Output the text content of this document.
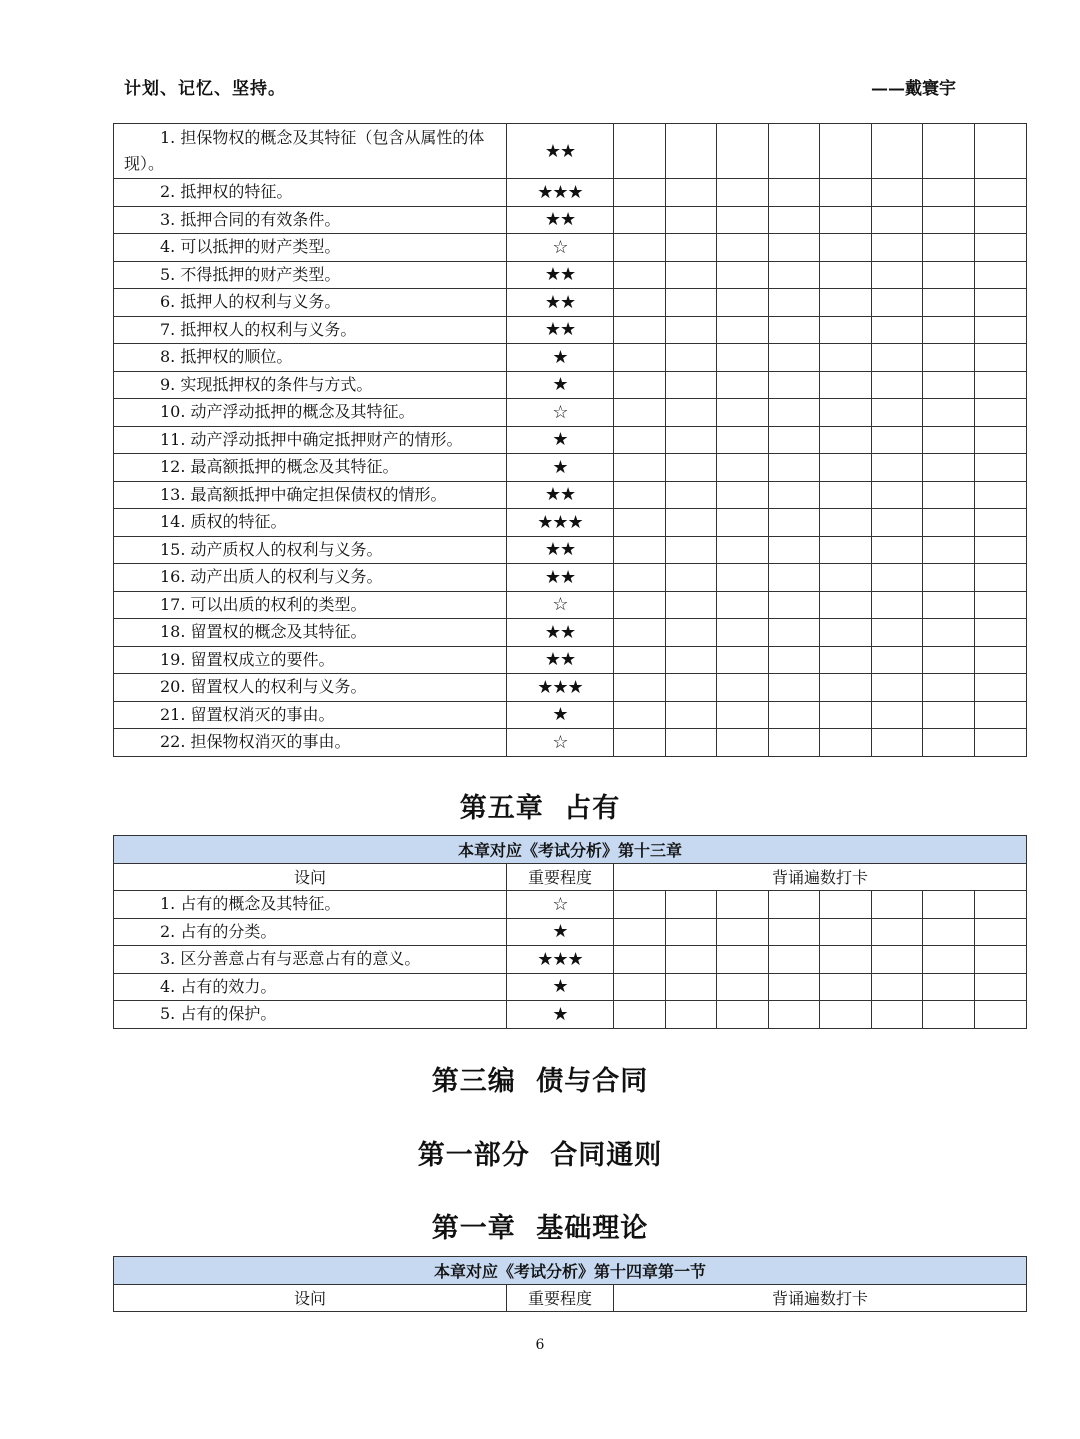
计划、记忆、坚持。	——戴寰宇
1. 担保物权的概念及其特征（包含从属性的体现）。	★★								
2. 抵押权的特征。	★★★								
3. 抵押合同的有效条件。	★★								
4. 可以抵押的财产类型。	☆								
5. 不得抵押的财产类型。	★★								
6. 抵押人的权利与义务。	★★								
7. 抵押权人的权利与义务。	★★								
8. 抵押权的顺位。	★								
9. 实现抵押权的条件与方式。	★								
10. 动产浮动抵押的概念及其特征。	☆								
11. 动产浮动抵押中确定抵押财产的情形。	★								
12. 最高额抵押的概念及其特征。	★								
13. 最高额抵押中确定担保债权的情形。	★★								
14. 质权的特征。	★★★								
15. 动产质权人的权利与义务。	★★								
16. 动产出质人的权利与义务。	★★								
17. 可以出质的权利的类型。	☆								
18. 留置权的概念及其特征。	★★								
19. 留置权成立的要件。	★★								
20. 留置权人的权利与义务。	★★★								
21. 留置权消灭的事由。	★								
22. 担保物权消灭的事由。	☆								
第五章 占有
本章对应《考试分析》第十三章									
设问	重要程度	背诵遍数打卡							
1. 占有的概念及其特征。	☆								
2. 占有的分类。	★								
3. 区分善意占有与恶意占有的意义。	★★★								
4. 占有的效力。	★								
5. 占有的保护。	★								
第三编 债与合同
第一部分 合同通则
第一章 基础理论
本章对应《考试分析》第十四章第一节
设问	重要程度	背诵遍数打卡
6
